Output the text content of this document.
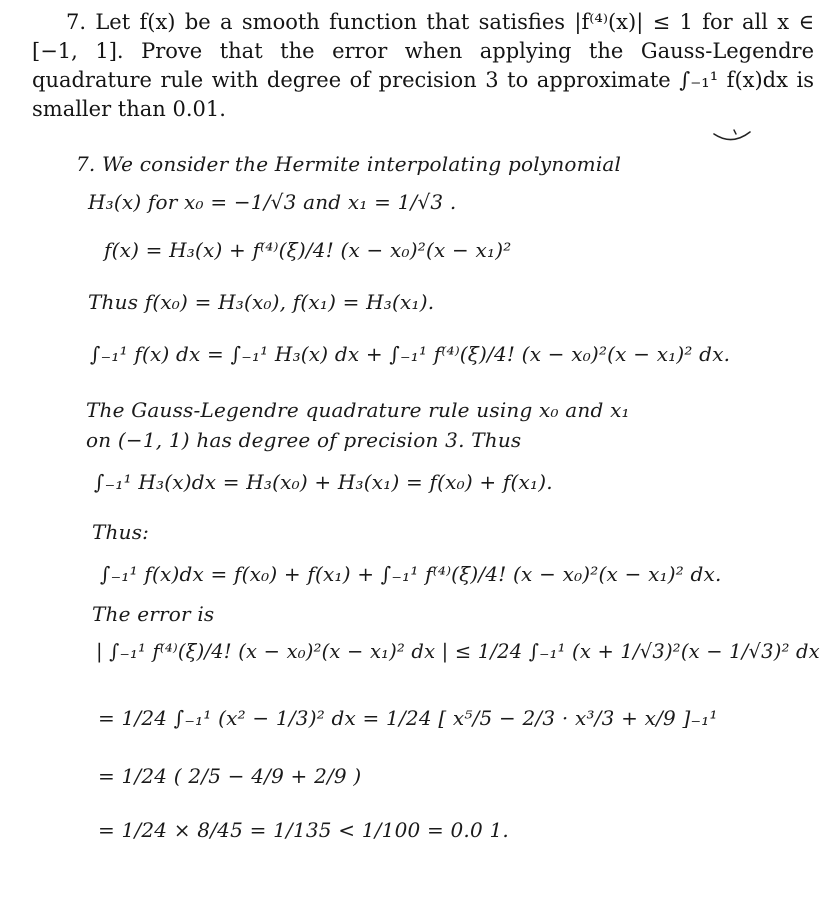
7. Let f(x) be a smooth function that satisfies |f⁽⁴⁾(x)| ≤ 1 for all x ∈ [−1, 1]. Prove that the error when applying the Gauss-Legendre quadrature rule with degree of precision 3 to approximate ∫₋₁¹ f(x)dx is smaller than 0.01.

7. We consider the Hermite interpolating polynomial
H₃(x) for x₀ = −1/√3 and x₁ = 1/√3 .
f(x) = H₃(x) + f⁽⁴⁾(ξ)/4! (x − x₀)²(x − x₁)²
Thus f(x₀) = H₃(x₀), f(x₁) = H₃(x₁).
∫₋₁¹ f(x) dx = ∫₋₁¹ H₃(x) dx + ∫₋₁¹ f⁽⁴⁾(ξ)/4! (x − x₀)²(x − x₁)² dx.
The Gauss-Legendre quadrature rule using x₀ and x₁
on (−1, 1) has degree of precision 3. Thus
∫₋₁¹ H₃(x)dx = H₃(x₀) + H₃(x₁) = f(x₀) + f(x₁).
Thus:
∫₋₁¹ f(x)dx = f(x₀) + f(x₁) + ∫₋₁¹ f⁽⁴⁾(ξ)/4! (x − x₀)²(x − x₁)² dx.
The error is
| ∫₋₁¹ f⁽⁴⁾(ξ)/4! (x − x₀)²(x − x₁)² dx | ≤ 1/24 ∫₋₁¹ (x + 1/√3)²(x − 1/√3)² dx
= 1/24 ∫₋₁¹ (x² − 1/3)² dx = 1/24 [ x⁵/5 − 2/3 · x³/3 + x/9 ]₋₁¹
= 1/24 ( 2/5 − 4/9 + 2/9 )
= 1/24 × 8/45 = 1/135 < 1/100 = 0.0 1.
